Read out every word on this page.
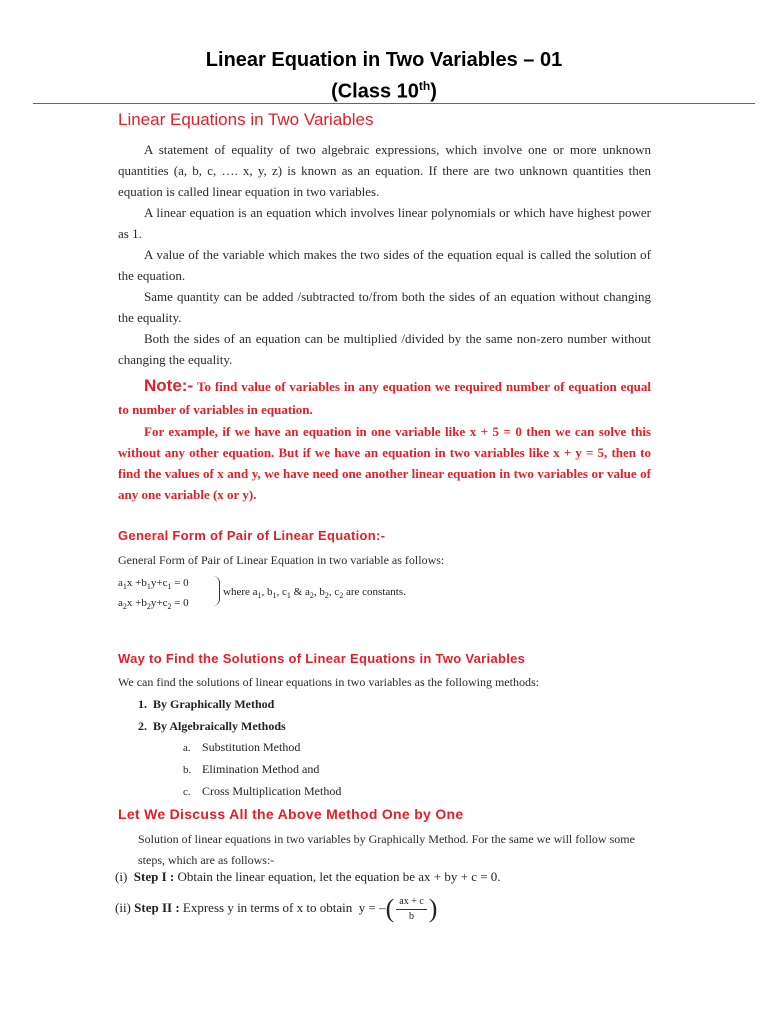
Linear Equation in Two Variables – 01
(Class 10th)
Linear Equations in Two Variables
A statement of equality of two algebraic expressions, which involve one or more unknown quantities (a, b, c, …. x, y, z) is known as an equation. If there are two unknown quantities then equation is called linear equation in two variables.
A linear equation is an equation which involves linear polynomials or which have highest power as 1.
A value of the variable which makes the two sides of the equation equal is called the solution of the equation.
Same quantity can be added /subtracted to/from both the sides of an equation without changing the equality.
Both the sides of an equation can be multiplied /divided by the same non-zero number without changing the equality.
Note:- To find value of variables in any equation we required number of equation equal to number of variables in equation.
For example, if we have an equation in one variable like x + 5 = 0 then we can solve this without any other equation. But if we have an equation in two variables like x + y = 5, then to find the values of x and y, we have need one another linear equation in two variables or value of any one variable (x or y).
General Form of Pair of Linear Equation:-
General Form of Pair of Linear Equation in two variable as follows:
$a_1x +b_1y+c_1 = 0$
$a_2x +b_2y+c_2 = 0$
where $a_1$, $b_1$, $c_1$ & $a_2$, $b_2$, $c_2$ are constants.
Way to Find the Solutions of Linear Equations in Two Variables
We can find the solutions of linear equations in two variables as the following methods:
1. By Graphically Method
2. By Algebraically Methods
a. Substitution Method
b. Elimination Method and
c. Cross Multiplication Method
Let We Discuss All the Above Method One by One
Solution of linear equations in two variables by Graphically Method. For the same we will follow some steps, which are as follows:-
(i) Step I : Obtain the linear equation, let the equation be ax + by + c = 0.
(ii) Step II : Express y in terms of x to obtain y = –( $\frac{ax + c}{b}$ )
